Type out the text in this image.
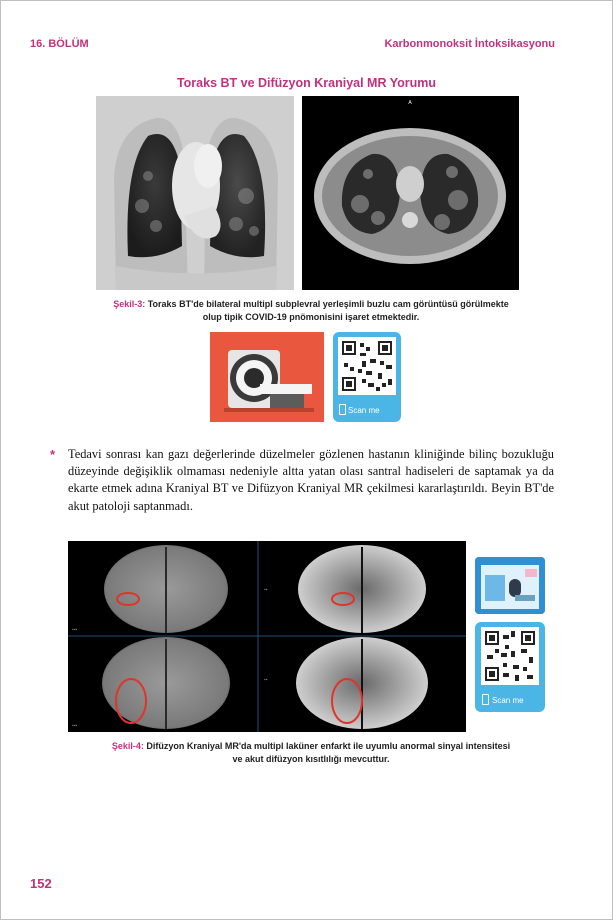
16. BÖLÜM	Karbonmonoksit İntoksikasyonu
Toraks BT ve Difüzyon Kraniyal MR Yorumu
A
Şekil-3: Toraks BT'de bilateral multipl subplevral yerleşimli buzlu cam görüntüsü görülmekte
olup tipik COVID-19 pnömonisini işaret etmektedir.
Scan me
* Tedavi sonrası kan gazı değerlerinde düzelmeler gözlenen hastanın kliniğinde bilinç bozukluğu düzeyinde değişiklik olmaması nedeniyle altta yatan olası santral hadiseleri de saptamak ya da ekarte etmek adına Kraniyal BT ve Difüzyon Kraniyal MR çekilmesi kararlaştırıldı. Beyin BT'de akut patoloji saptanmadı.
▪▪▪
▪▪▪
▪▪
▪▪
Scan me
Şekil-4: Difüzyon Kraniyal MR'da multipl laküner enfarkt ile uyumlu anormal sinyal intensitesi
ve akut difüzyon kısıtlılığı mevcuttur.
152
